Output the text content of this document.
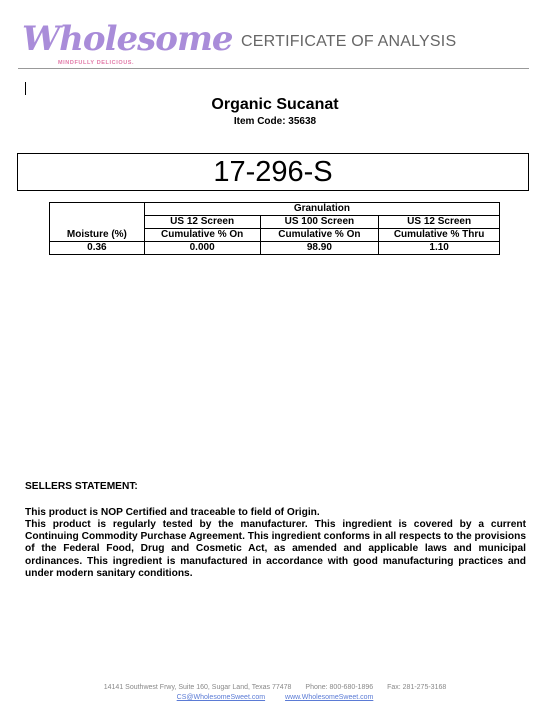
Wholesome
MINDFULLY DELICIOUS.
CERTIFICATE OF ANALYSIS
Organic Sucanat
Item Code: 35638
17-296-S
	Granulation		
	US 12 Screen	US 100 Screen	US 12 Screen
Moisture (%)	Cumulative % On	Cumulative % On	Cumulative % Thru
0.36	0.000	98.90	1.10
SELLERS STATEMENT:
This product is NOP Certified and traceable to field of Origin.
This product is regularly tested by the manufacturer. This ingredient is covered by a current Continuing Commodity Purchase Agreement. This ingredient conforms in all respects to the provisions of the Federal Food, Drug and Cosmetic Act, as amended and applicable laws and municipal ordinances. This ingredient is manufactured in accordance with good manufacturing practices and under modern sanitary conditions.
14141 Southwest Frwy, Suite 160, Sugar Land, Texas 77478 Phone: 800-680-1896 Fax: 281-275-3168
CS@WholesomeSweet.com	www.WholesomeSweet.com
